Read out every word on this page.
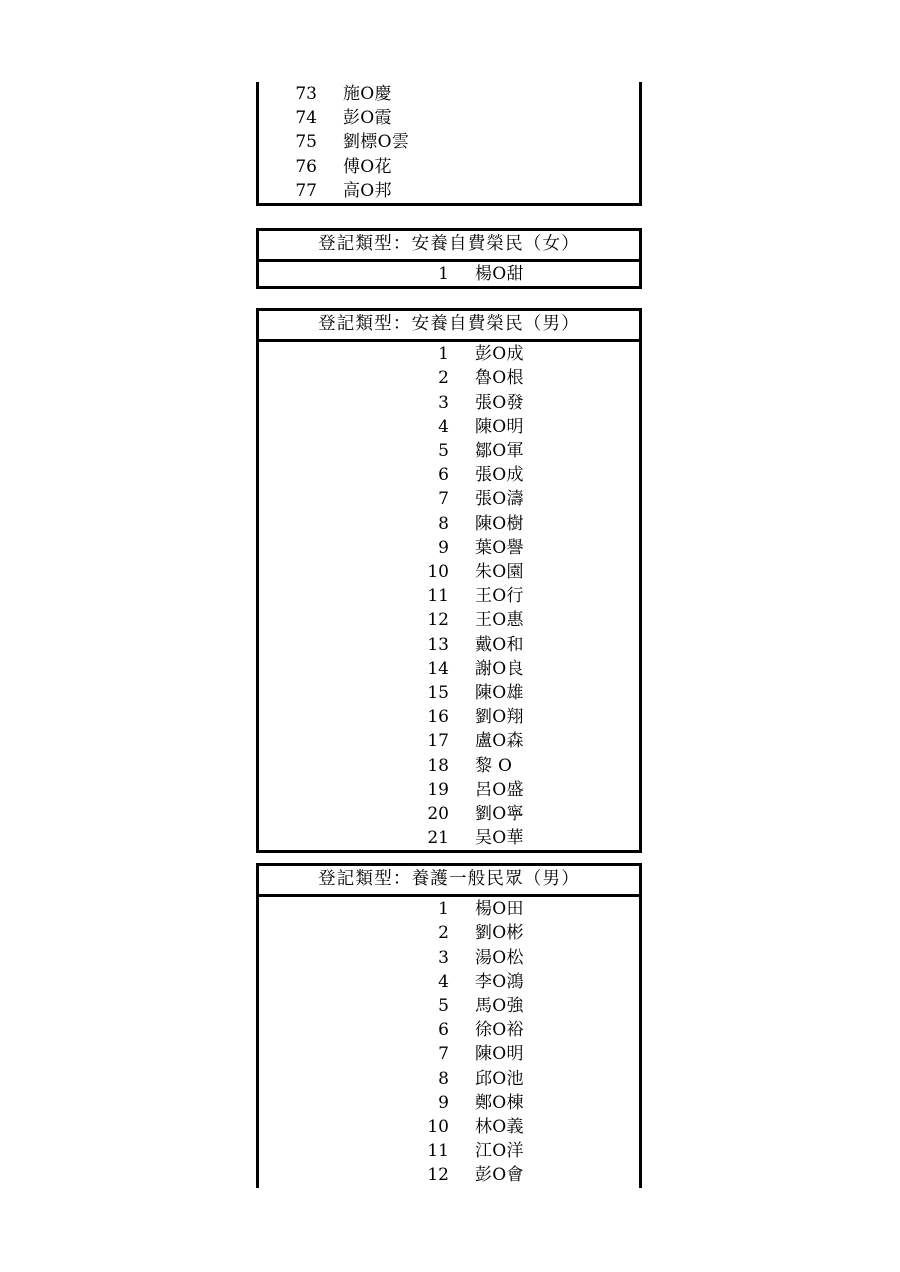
73	施O慶
74	彭O霞
75	劉標O雲
76	傅O花
77	高O邦
登記類型：安養自費榮民（女）
1	楊O甜
登記類型：安養自費榮民（男）	
1	彭O成
2	魯O根
3	張O發
4	陳O明
5	鄒O軍
6	張O成
7	張O濤
8	陳O樹
9	葉O譽
10	朱O園
11	王O行
12	王O惠
13	戴O和
14	謝O良
15	陳O雄
16	劉O翔
17	盧O森
18	黎 O
19	呂O盛
20	劉O寧
21	吴O華
登記類型：養護一般民眾（男）	
1	楊O田
2	劉O彬
3	湯O松
4	李O鴻
5	馬O強
6	徐O裕
7	陳O明
8	邱O池
9	鄭O棟
10	林O義
11	江O洋
12	彭O會
